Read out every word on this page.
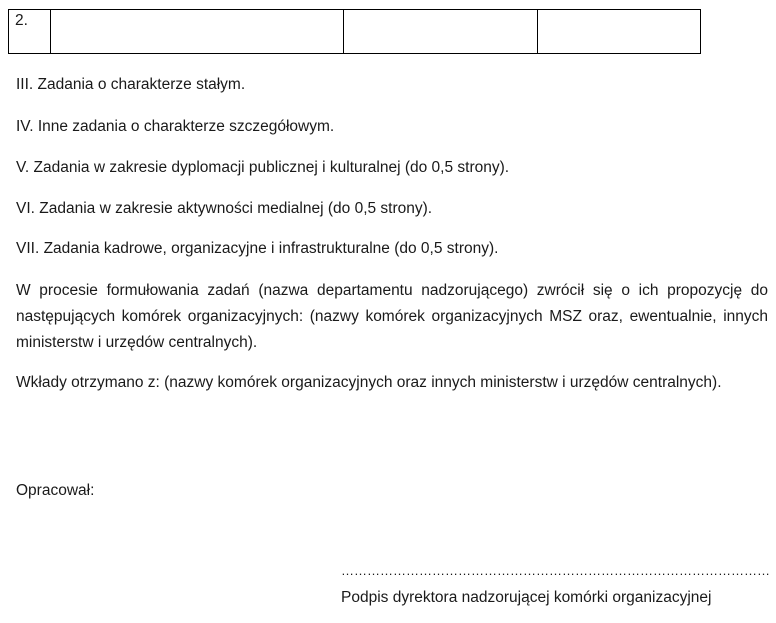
2.			

III. Zadania o charakterze stałym.

IV. Inne zadania o charakterze szczegółowym.

V. Zadania w zakresie dyplomacji publicznej i kulturalnej (do 0,5 strony).

VI. Zadania w zakresie aktywności medialnej (do 0,5 strony).

VII. Zadania kadrowe, organizacyjne i infrastrukturalne (do 0,5 strony).

W procesie formułowania zadań (nazwa departamentu nadzorującego) zwrócił się o ich propozycję do następujących komórek organizacyjnych: (nazwy komórek organizacyjnych MSZ oraz, ewentualnie, innych ministerstw i urzędów centralnych).

Wkłady otrzymano z: (nazwy komórek organizacyjnych oraz innych ministerstw i urzędów centralnych).

Opracował:

………………………………………………………………………………………
Podpis dyrektora nadzorującej komórki organizacyjnej
